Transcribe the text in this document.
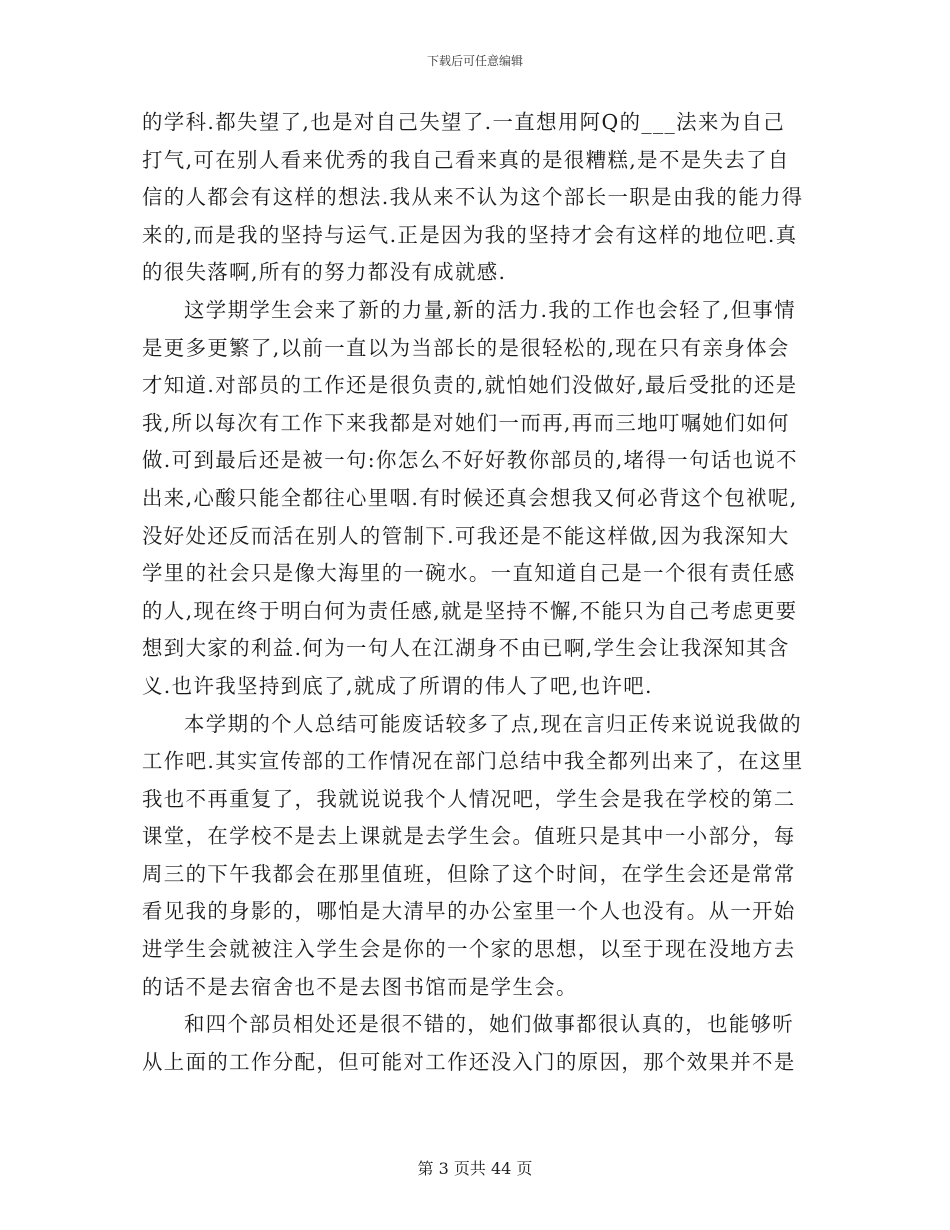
下载后可任意编辑

的学科.都失望了,也是对自己失望了.一直想用阿Q的___法来为自己
打气,可在别人看来优秀的我自己看来真的是很糟糕,是不是失去了自
信的人都会有这样的想法.我从来不认为这个部长一职是由我的能力得
来的,而是我的坚持与运气.正是因为我的坚持才会有这样的地位吧.真
的很失落啊,所有的努力都没有成就感.

这学期学生会来了新的力量,新的活力.我的工作也会轻了,但事情
是更多更繁了,以前一直以为当部长的是很轻松的,现在只有亲身体会
才知道.对部员的工作还是很负责的,就怕她们没做好,最后受批的还是
我,所以每次有工作下来我都是对她们一而再,再而三地叮嘱她们如何
做.可到最后还是被一句:你怎么不好好教你部员的,堵得一句话也说不
出来,心酸只能全都往心里咽.有时候还真会想我又何必背这个包袱呢,
没好处还反而活在别人的管制下.可我还是不能这样做,因为我深知大
学里的社会只是像大海里的一碗水。一直知道自己是一个很有责任感
的人,现在终于明白何为责任感,就是坚持不懈,不能只为自己考虑更要
想到大家的利益.何为一句人在江湖身不由已啊,学生会让我深知其含
义.也许我坚持到底了,就成了所谓的伟人了吧,也许吧.

本学期的个人总结可能废话较多了点,现在言归正传来说说我做的
工作吧.其实宣传部的工作情况在部门总结中我全都列出来了，在这里
我也不再重复了，我就说说我个人情况吧，学生会是我在学校的第二
课堂，在学校不是去上课就是去学生会。值班只是其中一小部分，每
周三的下午我都会在那里值班，但除了这个时间，在学生会还是常常
看见我的身影的，哪怕是大清早的办公室里一个人也没有。从一开始
进学生会就被注入学生会是你的一个家的思想，以至于现在没地方去
的话不是去宿舍也不是去图书馆而是学生会。

和四个部员相处还是很不错的，她们做事都很认真的，也能够听
从上面的工作分配，但可能对工作还没入门的原因，那个效果并不是

第 3 页共 44 页
